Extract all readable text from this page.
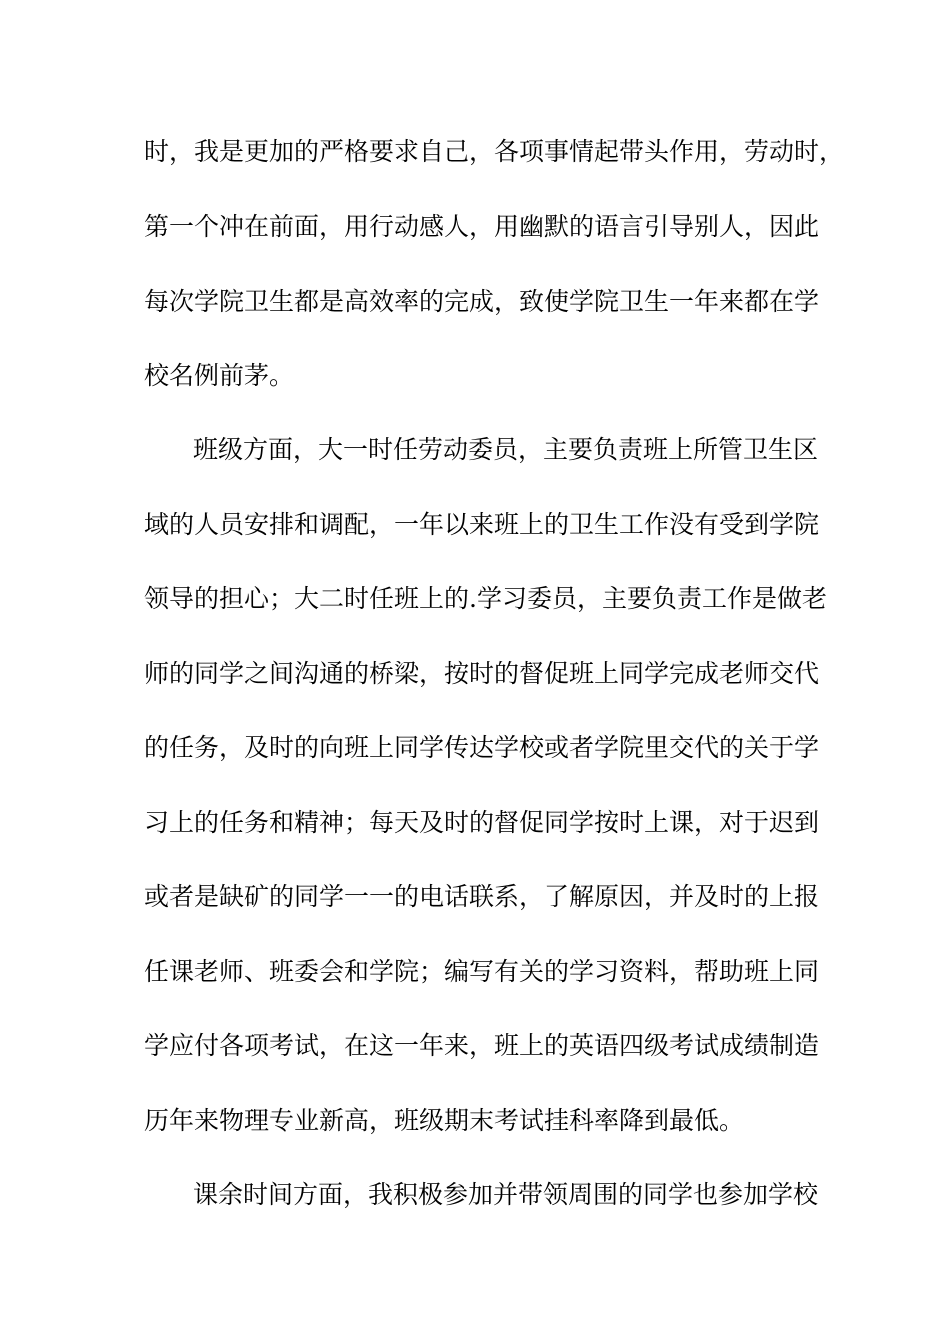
时，我是更加的严格要求自己，各项事情起带头作用，劳动时，
第一个冲在前面，用行动感人，用幽默的语言引导别人，因此
每次学院卫生都是高效率的完成，致使学院卫生一年来都在学
校名例前茅。
班级方面，大一时任劳动委员，主要负责班上所管卫生区
域的人员安排和调配，一年以来班上的卫生工作没有受到学院
领导的担心；大二时任班上的.学习委员，主要负责工作是做老
师的同学之间沟通的桥梁，按时的督促班上同学完成老师交代
的任务，及时的向班上同学传达学校或者学院里交代的关于学
习上的任务和精神；每天及时的督促同学按时上课，对于迟到
或者是缺矿的同学一一的电话联系，了解原因，并及时的上报
任课老师、班委会和学院；编写有关的学习资料，帮助班上同
学应付各项考试，在这一年来，班上的英语四级考试成绩制造
历年来物理专业新高，班级期末考试挂科率降到最低。
课余时间方面，我积极参加并带领周围的同学也参加学校
